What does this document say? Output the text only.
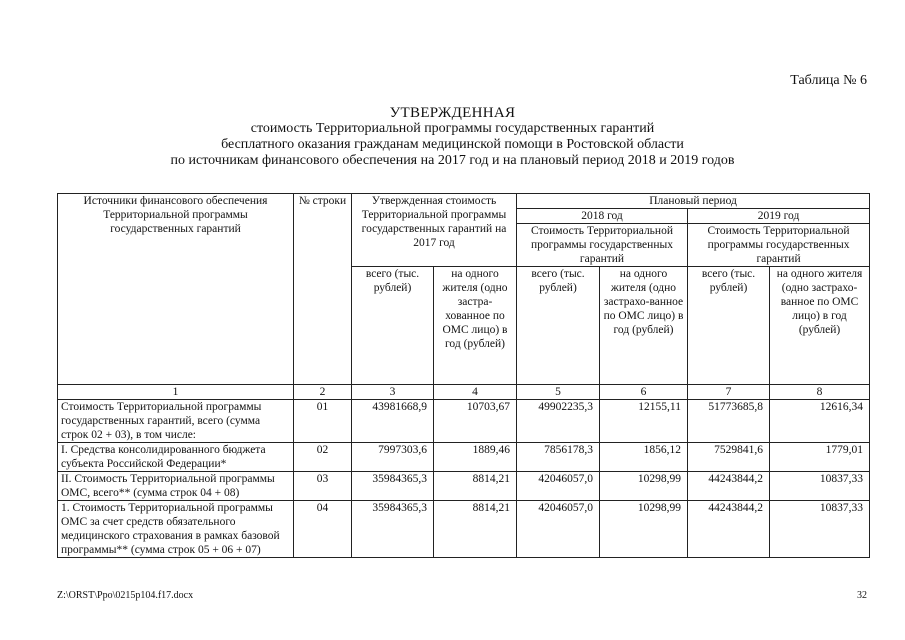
Таблица № 6
УТВЕРЖДЕННАЯ
стоимость Территориальной программы государственных гарантий
бесплатного оказания гражданам медицинской помощи в Ростовской области
по источникам финансового обеспечения на 2017 год и на плановый период 2018 и 2019 годов
Источники финансового обеспечения Территориальной программы государственных гарантий	№ строки	Утвержденная стоимость Территориальной программы государственных гарантий на 2017 год		Плановый период			
				2018 год		2019 год	
				Стоимость Территориальной программы государственных гарантий		Стоимость Территориальной программы государственных гарантий	
		всего (тыс. рублей)	на одного жителя (одно застра-хованное по ОМС лицо) в год (рублей)	всего (тыс. рублей)	на одного жителя (одно застрахо-ванное по ОМС лицо) в год (рублей)	всего (тыс. рублей)	на одного жителя (одно застрахо-ванное по ОМС лицо) в год (рублей)
1	2	3	4	5	6	7	8
Стоимость Территориальной программы государственных гарантий, всего (сумма строк 02 + 03), в том числе:	01	43981668,9	10703,67	49902235,3	12155,11	51773685,8	12616,34
I. Средства консолидированного бюджета субъекта Российской Федерации*	02	7997303,6	1889,46	7856178,3	1856,12	7529841,6	1779,01
II. Стоимость Территориальной программы ОМС, всего** (сумма строк 04 + 08)	03	35984365,3	8814,21	42046057,0	10298,99	44243844,2	10837,33
1. Стоимость Территориальной программы ОМС за счет средств обязательного медицинского страхования в рамках базовой программы** (сумма строк 05 + 06 + 07)	04	35984365,3	8814,21	42046057,0	10298,99	44243844,2	10837,33
Z:\ORST\Ppo\0215p104.f17.docx	32
